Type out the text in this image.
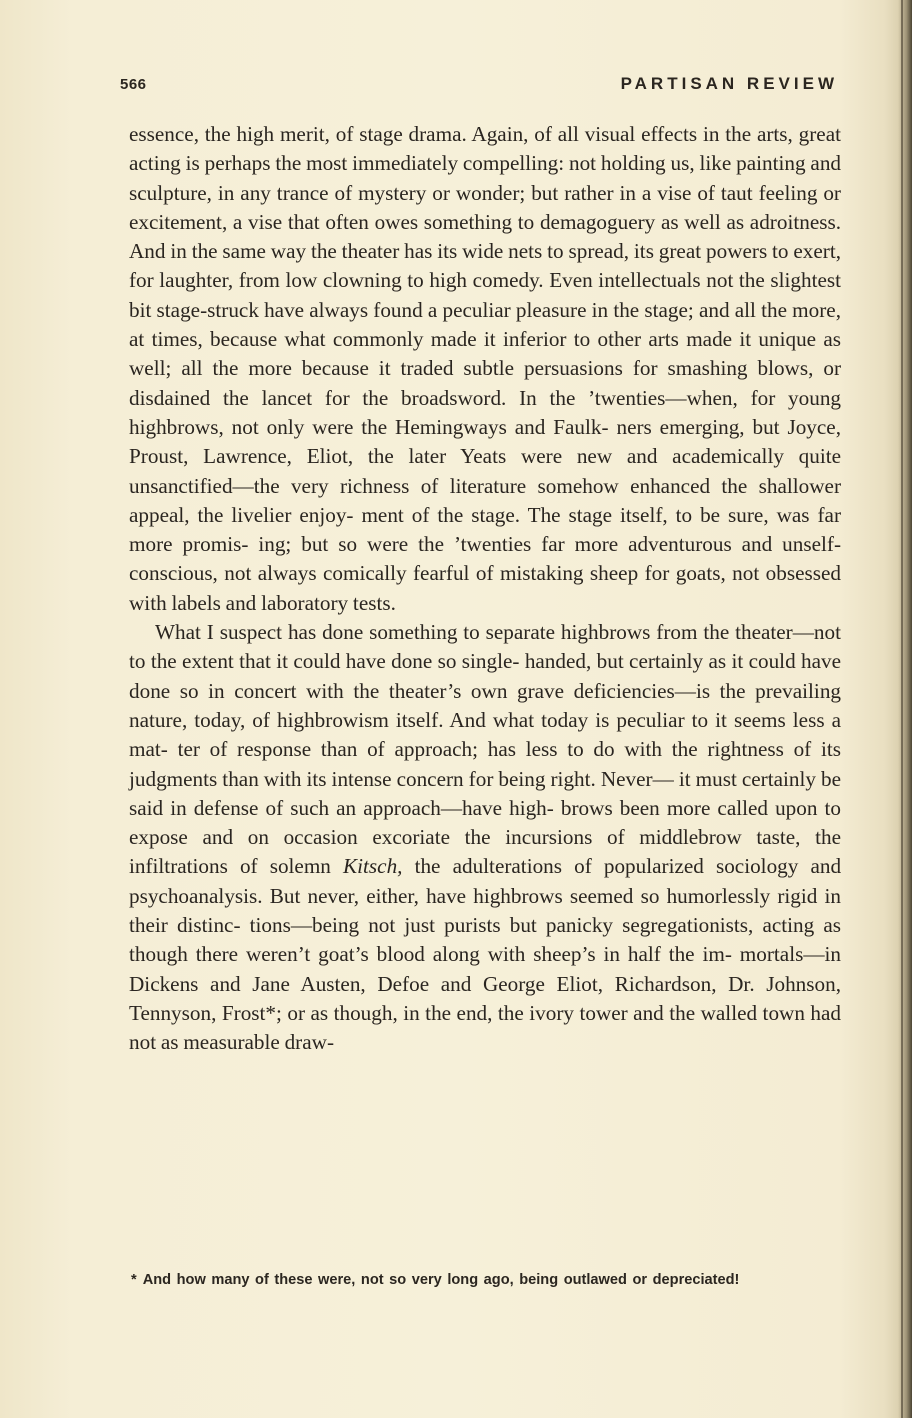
566	PARTISAN REVIEW

essence, the high merit, of stage drama. Again, of all visual effects in the arts, great acting is perhaps the most immediately compelling: not holding us, like painting and sculpture, in any trance of mystery or wonder; but rather in a vise of taut feeling or excitement, a vise that often owes something to demagoguery as well as adroitness. And in the same way the theater has its wide nets to spread, its great powers to exert, for laughter, from low clowning to high comedy. Even intellectuals not the slightest bit stage-struck have always found a peculiar pleasure in the stage; and all the more, at times, because what commonly made it inferior to other arts made it unique as well; all the more because it traded subtle persuasions for smashing blows, or disdained the lancet for the broadsword. In the ’twenties—when, for young highbrows, not only were the Hemingways and Faulk- ners emerging, but Joyce, Proust, Lawrence, Eliot, the later Yeats were new and academically quite unsanctified—the very richness of literature somehow enhanced the shallower appeal, the livelier enjoy- ment of the stage. The stage itself, to be sure, was far more promis- ing; but so were the ’twenties far more adventurous and unself- conscious, not always comically fearful of mistaking sheep for goats, not obsessed with labels and laboratory tests.

What I suspect has done something to separate highbrows from the theater—not to the extent that it could have done so single- handed, but certainly as it could have done so in concert with the theater’s own grave deficiencies—is the prevailing nature, today, of highbrowism itself. And what today is peculiar to it seems less a mat- ter of response than of approach; has less to do with the rightness of its judgments than with its intense concern for being right. Never— it must certainly be said in defense of such an approach—have high- brows been more called upon to expose and on occasion excoriate the incursions of middlebrow taste, the infiltrations of solemn Kitsch, the adulterations of popularized sociology and psychoanalysis. But never, either, have highbrows seemed so humorlessly rigid in their distinc- tions—being not just purists but panicky segregationists, acting as though there weren’t goat’s blood along with sheep’s in half the im- mortals—in Dickens and Jane Austen, Defoe and George Eliot, Richardson, Dr. Johnson, Tennyson, Frost*; or as though, in the end, the ivory tower and the walled town had not as measurable draw-

* And how many of these were, not so very long ago, being outlawed or depreciated!
